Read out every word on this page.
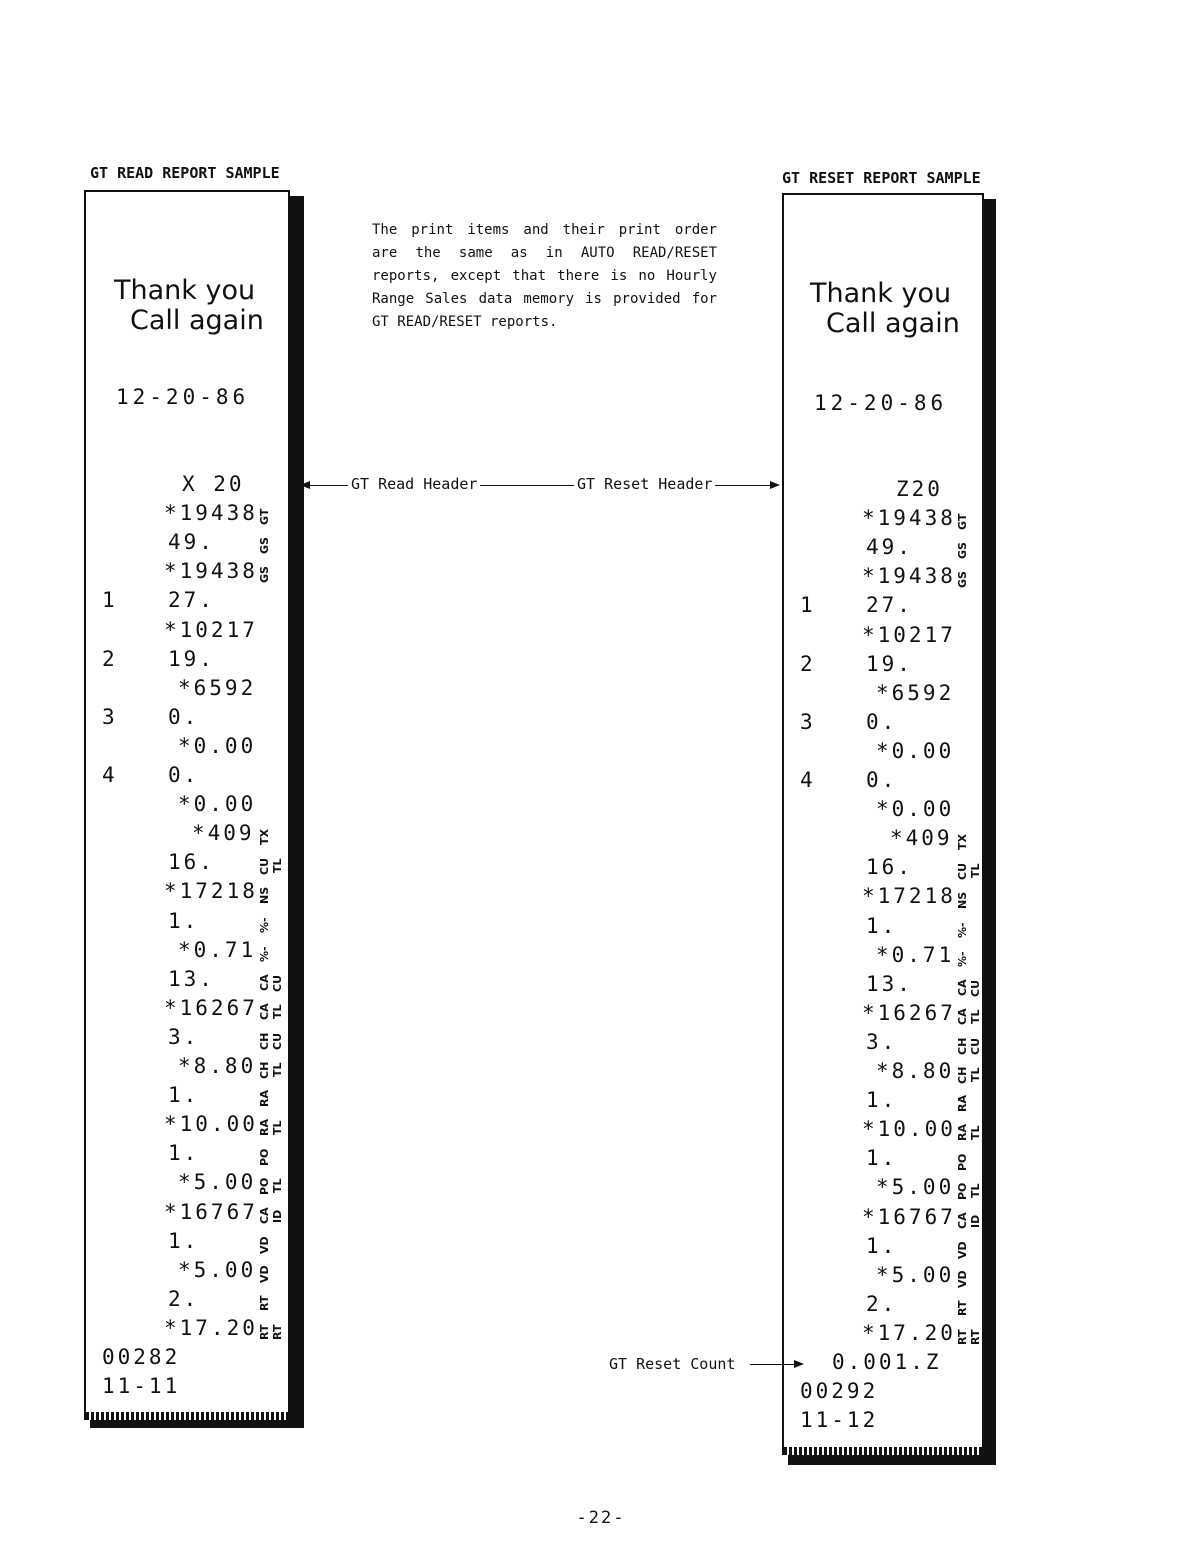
GT READ REPORT SAMPLE	GT RESET REPORT SAMPLE
The print items and their print order are the same as in AUTO READ/RESET reports, except that there is no Hourly Range Sales data memory is provided for GT READ/RESET reports.
Thank you
Call again
12-20-86
X 20
*19438 GT
49.	GS
*19438 GS
1	27.
*10217
2	19.
*6592
3	0.
*0.00
4	0.
*0.00
*409 TX
16.	CU TL
*17218 NS
1.	%-
*0.71 %-
13.	CA CU
*16267 CA TL
3.	CH CU
*8.80 CH TL
1.	RA
*10.00 RA TL
1.	PO
*5.00 PO TL
*16767 CA ID
1.	VD
*5.00 VD
2.	RT
*17.20 RT RT
00282
11-11
Thank you
Call again
12-20-86
Z20
*19438 GT
49.	GS
*19438 GS
1	27.
*10217
2	19.
*6592
3	0.
*0.00
4	0.
*0.00
*409 TX
16.	CU TL
*17218 NS
1.	%-
*0.71 %-
13.	CA CU
*16267 CA TL
3.	CH CU
*8.80 CH TL
1.	RA
*10.00 RA TL
1.	PO
*5.00 PO TL
*16767 CA ID
1.	VD
*5.00 VD
2.	RT
*17.20 RT RT
0.001.Z
00292
11-12
GT Read Header	GT Reset Header
GT Reset Count
-22-
